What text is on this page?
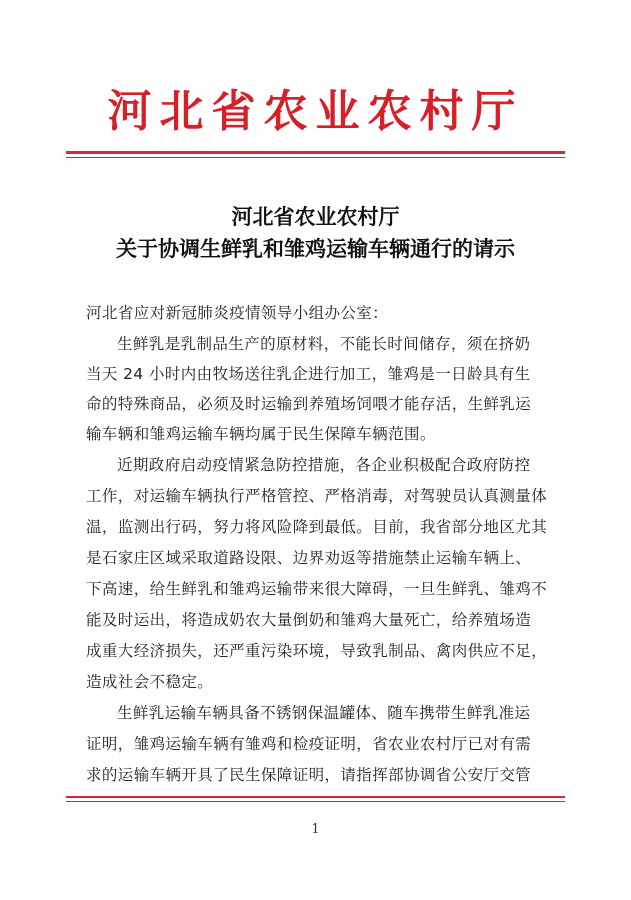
河北省农业农村厅
河北省农业农村厅
关于协调生鲜乳和雏鸡运输车辆通行的请示
河北省应对新冠肺炎疫情领导小组办公室：
生鲜乳是乳制品生产的原材料，不能长时间储存，须在挤奶
当天 24 小时内由牧场送往乳企进行加工，雏鸡是一日龄具有生
命的特殊商品，必须及时运输到养殖场饲喂才能存活，生鲜乳运
输车辆和雏鸡运输车辆均属于民生保障车辆范围。
近期政府启动疫情紧急防控措施，各企业积极配合政府防控
工作，对运输车辆执行严格管控、严格消毒，对驾驶员认真测量体
温，监测出行码，努力将风险降到最低。目前，我省部分地区尤其
是石家庄区域采取道路设限、边界劝返等措施禁止运输车辆上、
下高速，给生鲜乳和雏鸡运输带来很大障碍，一旦生鲜乳、雏鸡不
能及时运出，将造成奶农大量倒奶和雏鸡大量死亡，给养殖场造
成重大经济损失，还严重污染环境，导致乳制品、禽肉供应不足，
造成社会不稳定。
生鲜乳运输车辆具备不锈钢保温罐体、随车携带生鲜乳准运
证明，雏鸡运输车辆有雏鸡和检疫证明，省农业农村厅已对有需
求的运输车辆开具了民生保障证明，请指挥部协调省公安厅交管
1
